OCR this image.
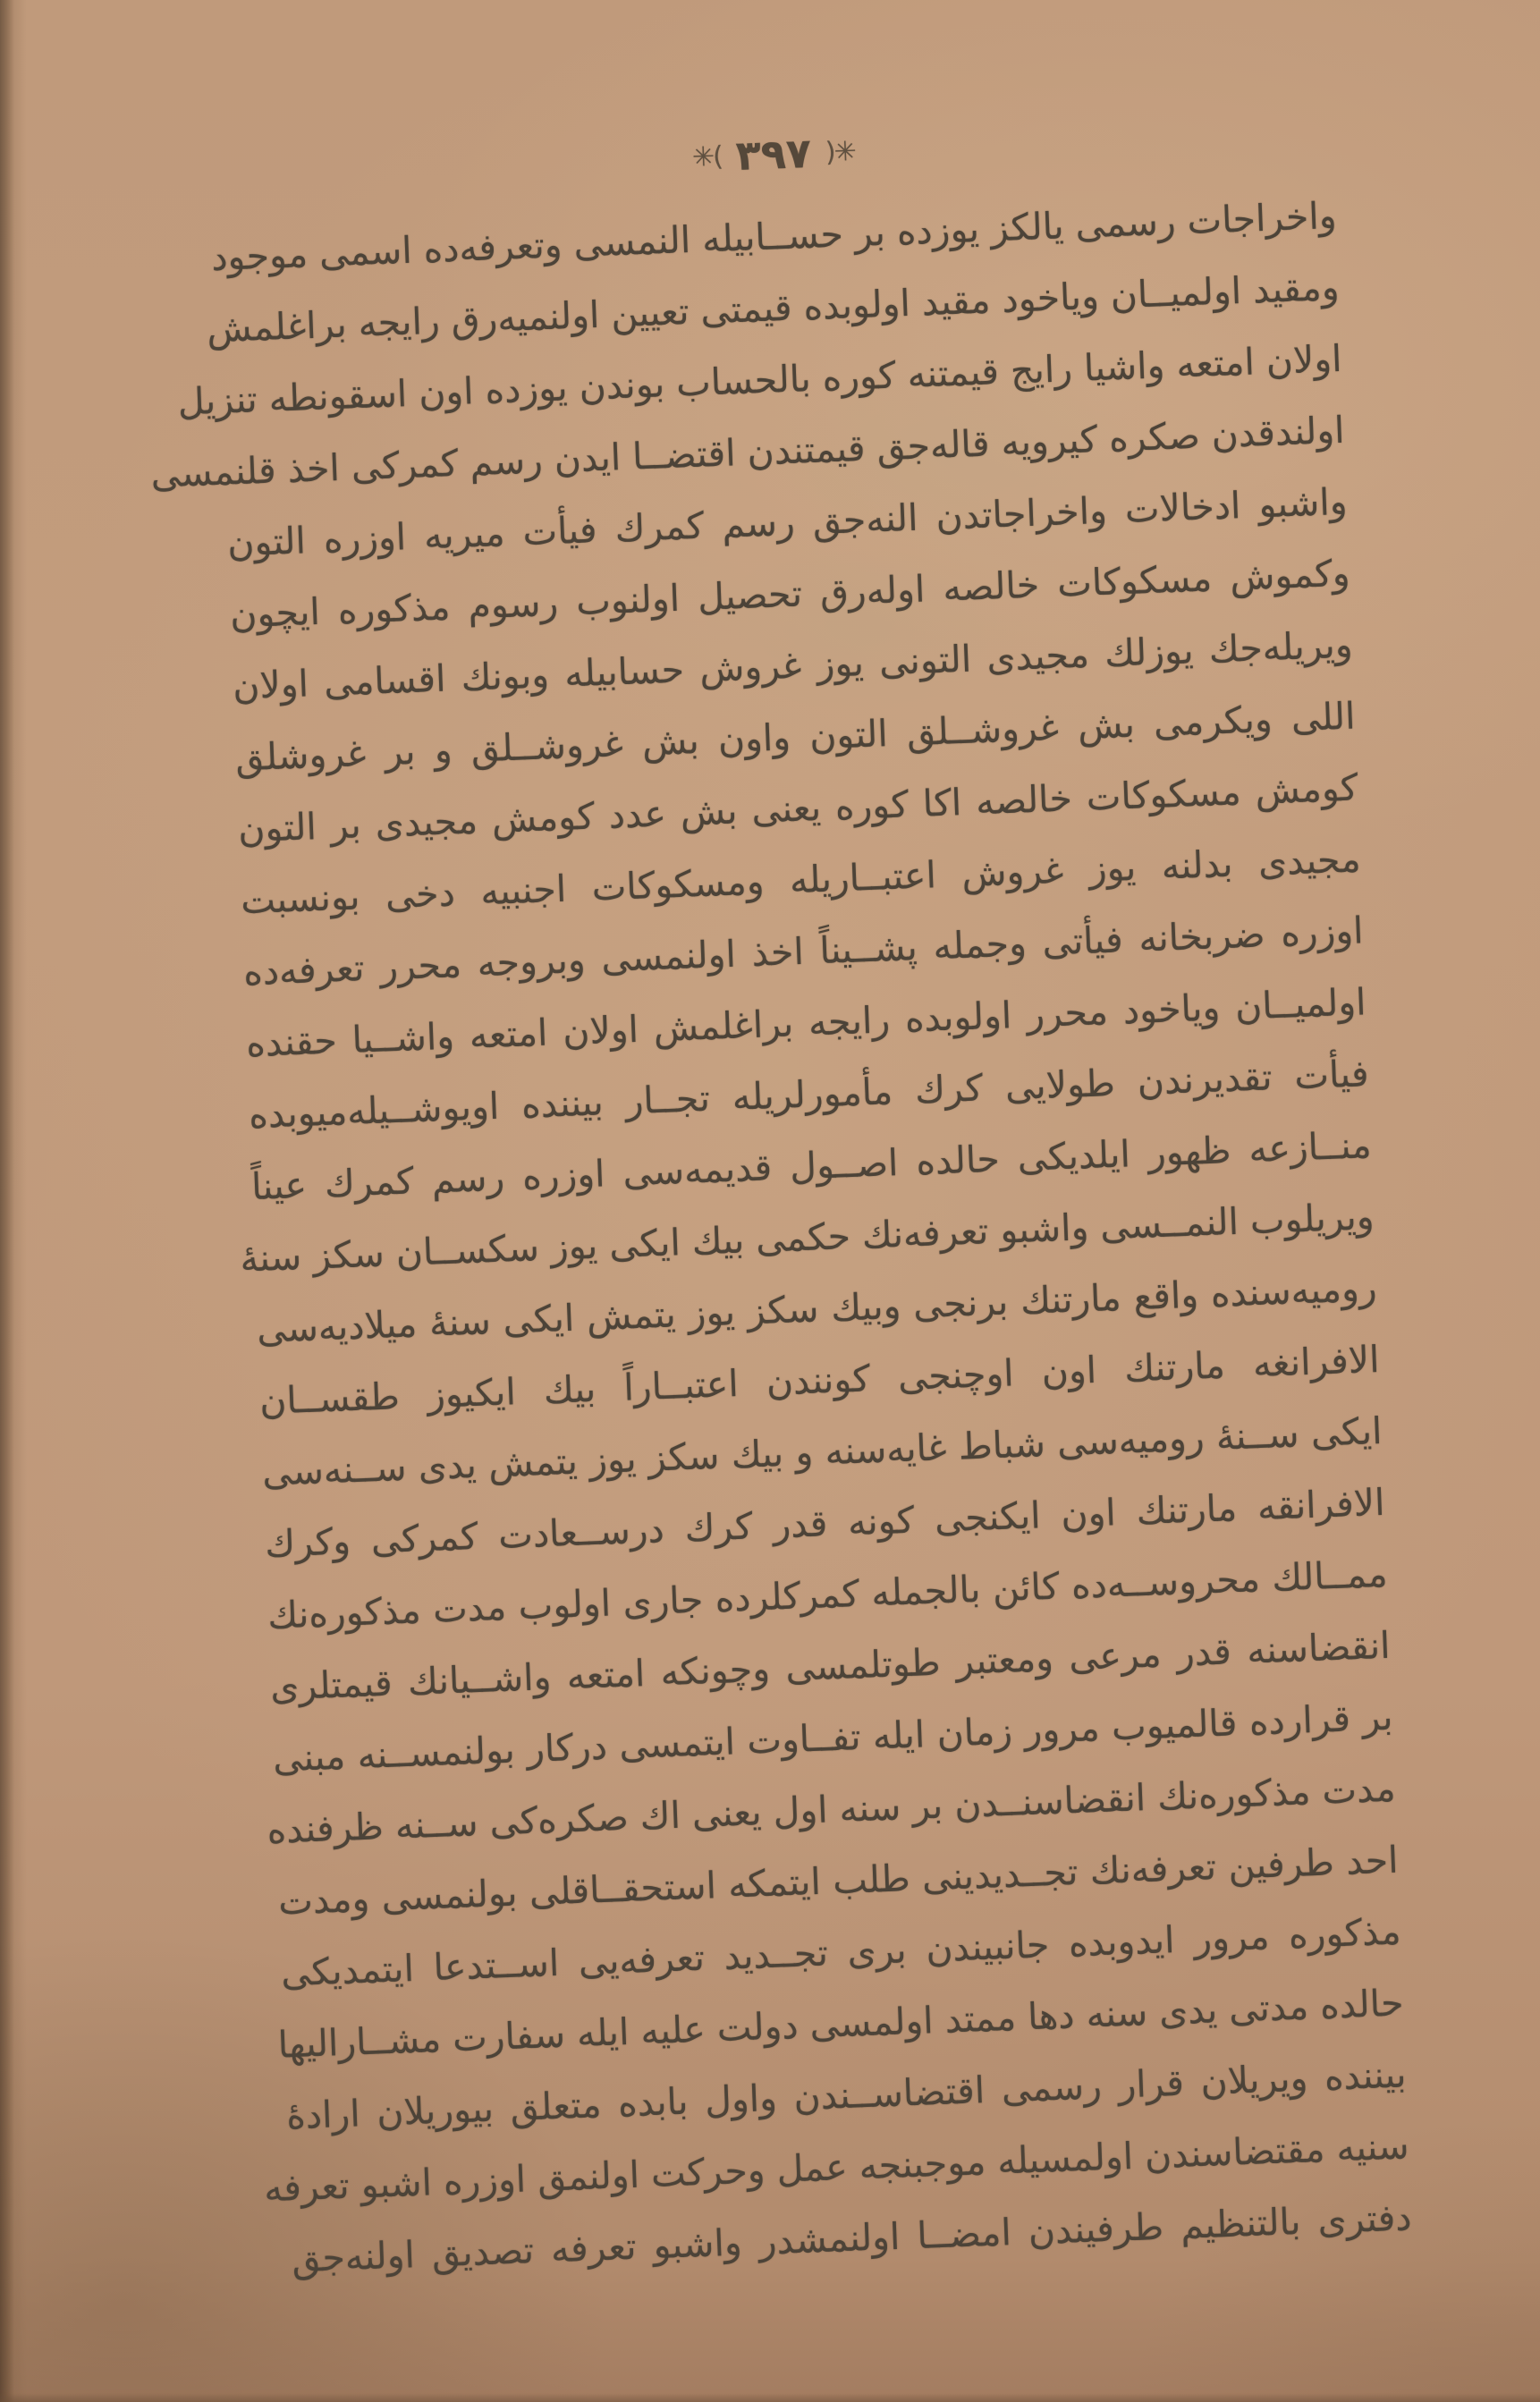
✳( ٣٩٧ )✳
واخراجات رسمى يالكز يوزده بر حســابيله النمسى وتعرفه‌ده اسمى موجود
ومقيد اولميــان وياخود مقيد اولوبده قيمتى تعيين اولنميه‌رق رايجه براغلمش
اولان امتعه واشيا رايج قيمتنه كوره بالحساب بوندن يوزده اون اسقونطه تنزيل
اولندقدن صكره كيرويه قاله‌جق قيمتندن اقتضــا ايدن رسم كمركى اخذ قلنمسى
واشبو ادخالات واخراجاتدن النه‌جق رسم كمرك فيأت ميريه اوزره التون
وكموش مسكوكات خالصه اوله‌رق تحصيل اولنوب رسوم مذكوره ايچون
ويريله‌جك يوزلك مجيدى التونى يوز غروش حسابيله وبونك اقسامى اولان
اللى ويكرمى بش غروشــلق التون واون بش غروشــلق و بر غروشلق
كومش مسكوكات خالصه اكا كوره يعنى بش عدد كومش مجيدى بر التون
مجيدى بدلنه يوز غروش اعتبــاريله ومسكوكات اجنبيه دخى بونسبت
اوزره ضربخانه فيأتى وجمله پشــيناً اخذ اولنمسى وبروجه محرر تعرفه‌ده
اولميــان وياخود محرر اولوبده رايجه براغلمش اولان امتعه واشــيا حقنده
فيأت تقديرندن طولايى كرك مأمورلريله تجــار بيننده اويوشــيله‌ميوبده
منــازعه ظهور ايلديكى حالده اصــول قديمه‌سى اوزره رسم كمرك عيناً
ويريلوب النمــسى واشبو تعرفه‌نك حكمى بيك ايكى يوز سكســان سكز سنهٔ
روميه‌سنده واقع مارتنك برنجى وبيك سكز يوز يتمش ايكى سنهٔ ميلاديه‌سى
الافرانغه مارتنك اون اوچنجى كونندن اعتبــاراً بيك ايكيوز طقســان
ايكى ســنهٔ روميه‌سى شباط غايه‌سنه و بيك سكز يوز يتمش يدى ســنه‌سى
الافرانقه مارتنك اون ايكنجى كونه قدر كرك درســعادت كمركى وكرك
ممــالك محروســه‌ده كائن بالجمله كمركلرده جارى اولوب مدت مذكوره‌نك
انقضاسنه قدر مرعى ومعتبر طوتلمسى وچونكه امتعه واشــيانك قيمتلرى
بر قرارده قالميوب مرور زمان ايله تفــاوت ايتمسى دركار بولنمســنه مبنى
مدت مذكوره‌نك انقضاسنــدن بر سنه اول يعنى اك صكره‌كى ســنه ظرفنده
احد طرفين تعرفه‌نك تجــديدينى طلب ايتمكه استحقــاقلى بولنمسى ومدت
مذكوره مرور ايدوبده جانبيندن برى تجــديد تعرفه‌يى اســتدعا ايتمديكى
حالده مدتى يدى سنه دها ممتد اولمسى دولت عليه ايله سفارت مشــاراليها
بيننده ويريلان قرار رسمى اقتضاســندن واول بابده متعلق بيوريلان ارادهٔ
سنيه مقتضاسندن اولمسيله موجبنجه عمل وحركت اولنمق اوزره اشبو تعرفه
دفترى بالتنظيم طرفيندن امضــا اولنمشدر واشبو تعرفه تصديق اولنه‌جق
